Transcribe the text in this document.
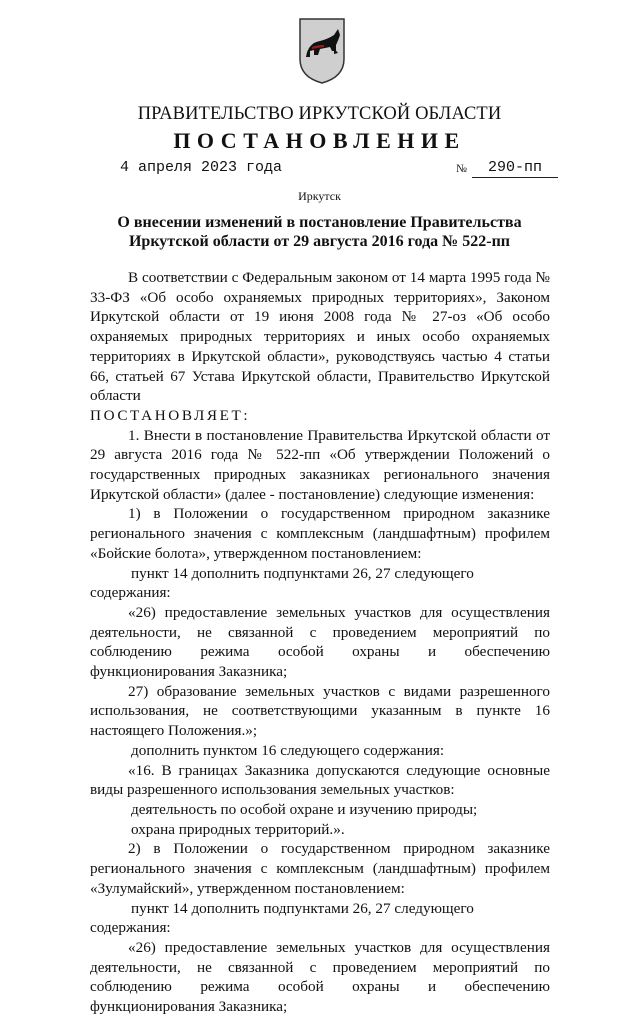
ПРАВИТЕЛЬСТВО ИРКУТСКОЙ ОБЛАСТИ
ПОСТАНОВЛЕНИЕ
4 апреля 2023 года	№	290-пп
Иркутск
О внесении изменений в постановление Правительства Иркутской области от 29 августа 2016 года № 522-пп

В соответствии с Федеральным законом от 14 марта 1995 года № 33-ФЗ «Об особо охраняемых природных территориях», Законом Иркутской области от 19 июня 2008 года № 27-оз «Об особо охраняемых природных территориях и иных особо охраняемых территориях в Иркутской области», руководствуясь частью 4 статьи 66, статьей 67 Устава Иркутской области, Правительство Иркутской области

ПОСТАНОВЛЯЕТ:

1. Внести в постановление Правительства Иркутской области от 29 августа 2016 года № 522-пп «Об утверждении Положений о государственных природных заказниках регионального значения Иркутской области» (далее - постановление) следующие изменения:

1) в Положении о государственном природном заказнике регионального значения с комплексным (ландшафтным) профилем «Бойские болота», утвержденном постановлением:

пункт 14 дополнить подпунктами 26, 27 следующего содержания:

«26) предоставление земельных участков для осуществления деятельности, не связанной с проведением мероприятий по соблюдению режима особой охраны и обеспечению функционирования Заказника;

27) образование земельных участков с видами разрешенного использования, не соответствующими указанным в пункте 16 настоящего Положения.»;

дополнить пунктом 16 следующего содержания:

«16. В границах Заказника допускаются следующие основные виды разрешенного использования земельных участков:

деятельность по особой охране и изучению природы;

охрана природных территорий.».

2) в Положении о государственном природном заказнике регионального значения с комплексным (ландшафтным) профилем «Зулумайский», утвержденном постановлением:

пункт 14 дополнить подпунктами 26, 27 следующего содержания:

«26) предоставление земельных участков для осуществления деятельности, не связанной с проведением мероприятий по соблюдению режима особой охраны и обеспечению функционирования Заказника;
